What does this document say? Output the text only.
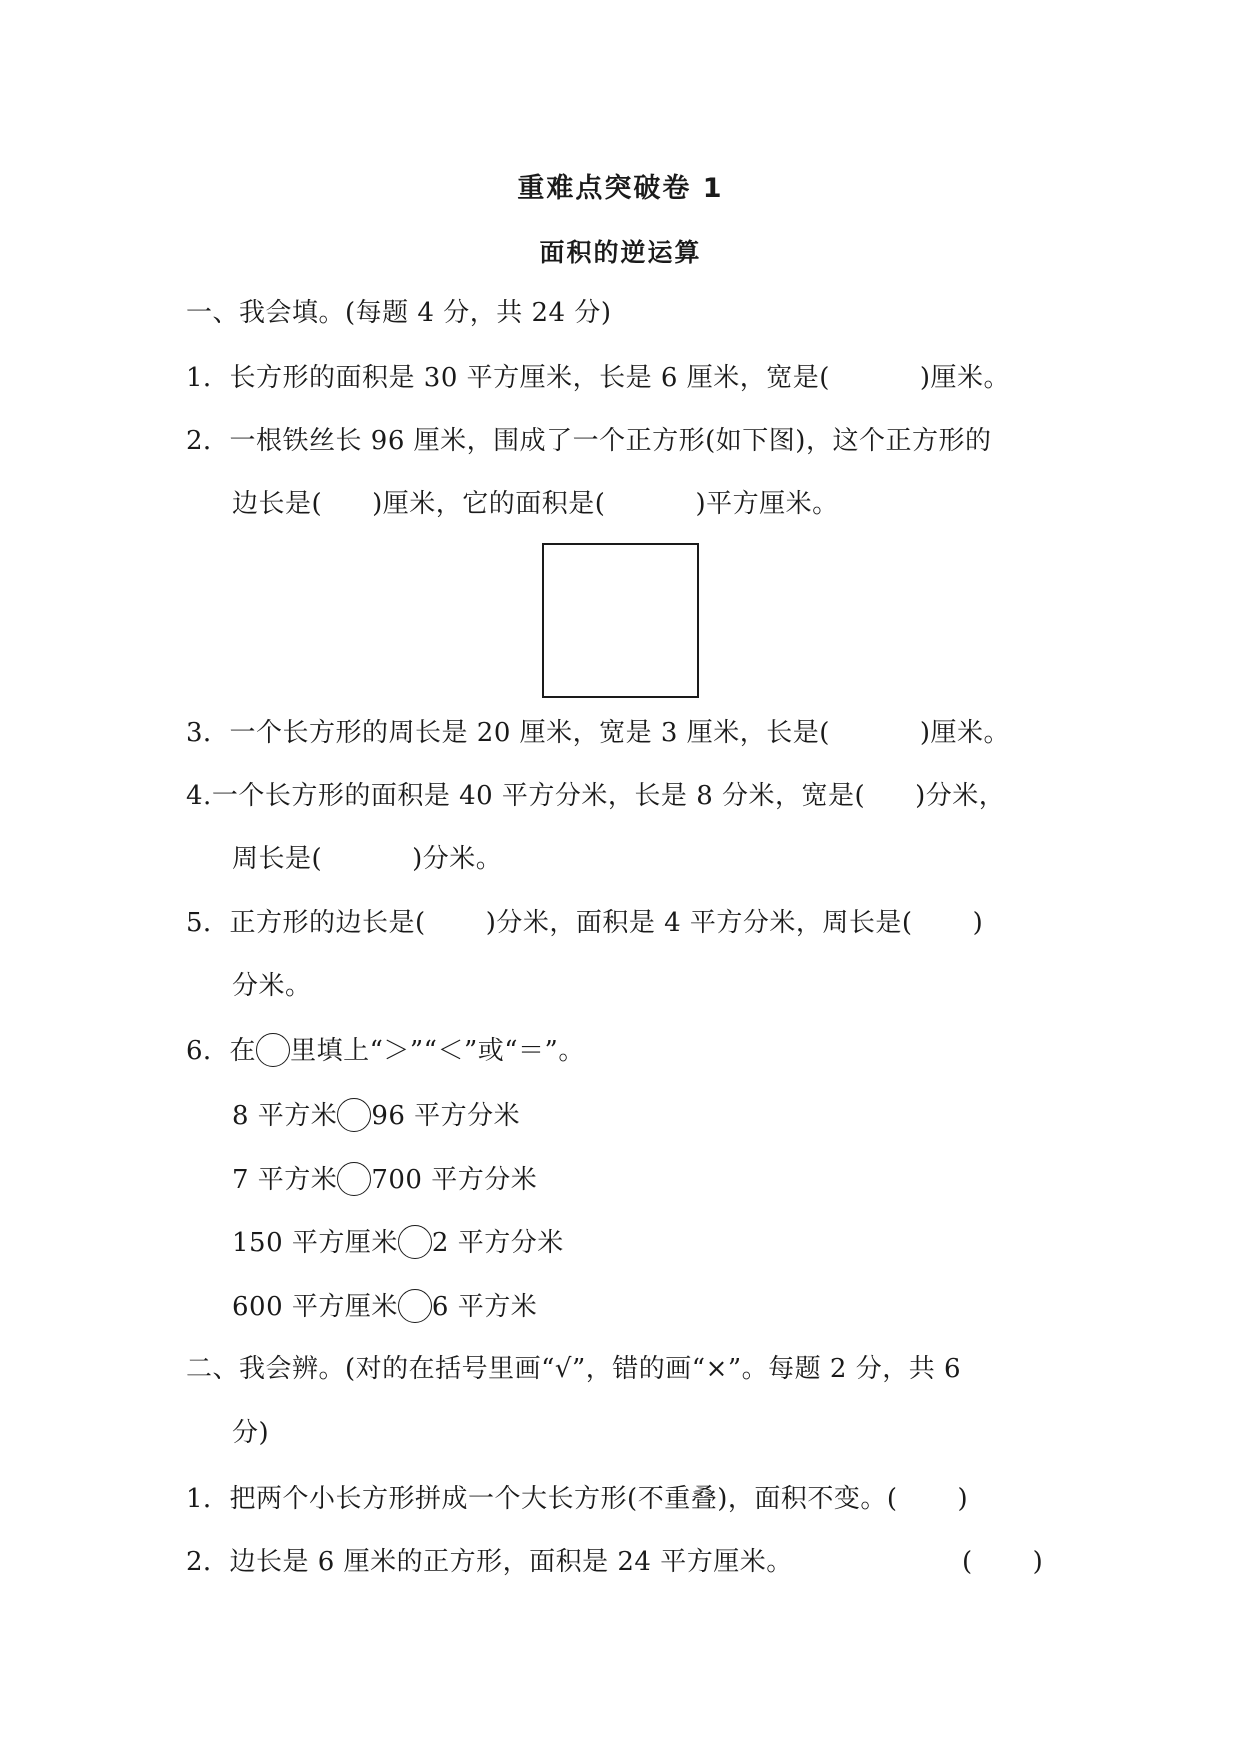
重难点突破卷 1
面积的逆运算
一、我会填。(每题 4 分，共 24 分)
1．长方形的面积是 30 平方厘米，长是 6 厘米，宽是(	)厘米。
2．一根铁丝长 96 厘米，围成了一个正方形(如下图)，这个正方形的
边长是( )厘米，它的面积是(	)平方厘米。
3．一个长方形的周长是 20 厘米，宽是 3 厘米，长是(	)厘米。
4.一个长方形的面积是 40 平方分米，长是 8 分米，宽是( )分米，
周长是(	)分米。
5．正方形的边长是( )分米，面积是 4 平方分米，周长是( )
分米。
6．在 里填上“＞”“＜”或“＝”。
8 平方米 96 平方分米
7 平方米 700 平方分米
150 平方厘米 2 平方分米
600 平方厘米 6 平方米
二、我会辨。(对的在括号里画“√”，错的画“×”。每题 2 分，共 6
分)
1．把两个小长方形拼成一个大长方形(不重叠)，面积不变。( )
2．边长是 6 厘米的正方形，面积是 24 平方厘米。	( )
